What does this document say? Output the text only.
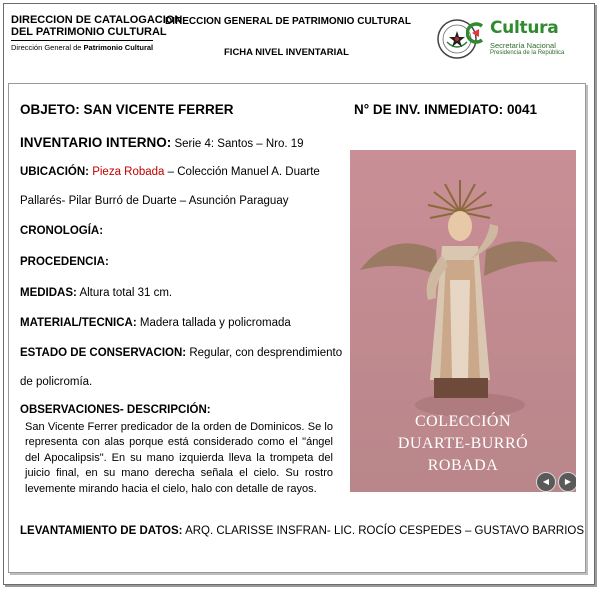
DIRECCION DE CATALOGACION
DEL PATRIMONIO CULTURAL
Dirección General de Patrimonio Cultural
DIRECCION GENERAL DE PATRIMONIO CULTURAL
FICHA NIVEL INVENTARIAL
Cultura
Secretaría Nacional
Presidencia de la República
OBJETO: SAN VICENTE FERRER	N° DE INV. INMEDIATO: 0041
INVENTARIO INTERNO: Serie 4: Santos – Nro. 19
UBICACIÓN: Pieza Robada – Colección Manuel A. Duarte
Pallarés- Pilar Burró de Duarte – Asunción Paraguay
CRONOLOGÍA:
PROCEDENCIA:
MEDIDAS: Altura total 31 cm.
MATERIAL/TECNICA: Madera tallada y policromada
ESTADO DE CONSERVACION: Regular, con desprendimiento
de policromía.
OBSERVACIONES- DESCRIPCIÓN:
San Vicente Ferrer predicador de la orden de Dominicos. Se lo representa con alas porque está considerado como el "ángel del Apocalipsis". En su mano izquierda lleva la trompeta del juicio final, en su mano derecha señala el cielo. Su rostro levemente mirando hacia el cielo, halo con detalle de rayos.
LEVANTAMIENTO DE DATOS: ARQ. CLARISSE INSFRAN- LIC. ROCÍO CESPEDES – GUSTAVO BARRIOS
COLECCIÓN
DUARTE-BURRÓ
ROBADA
◀	▶
